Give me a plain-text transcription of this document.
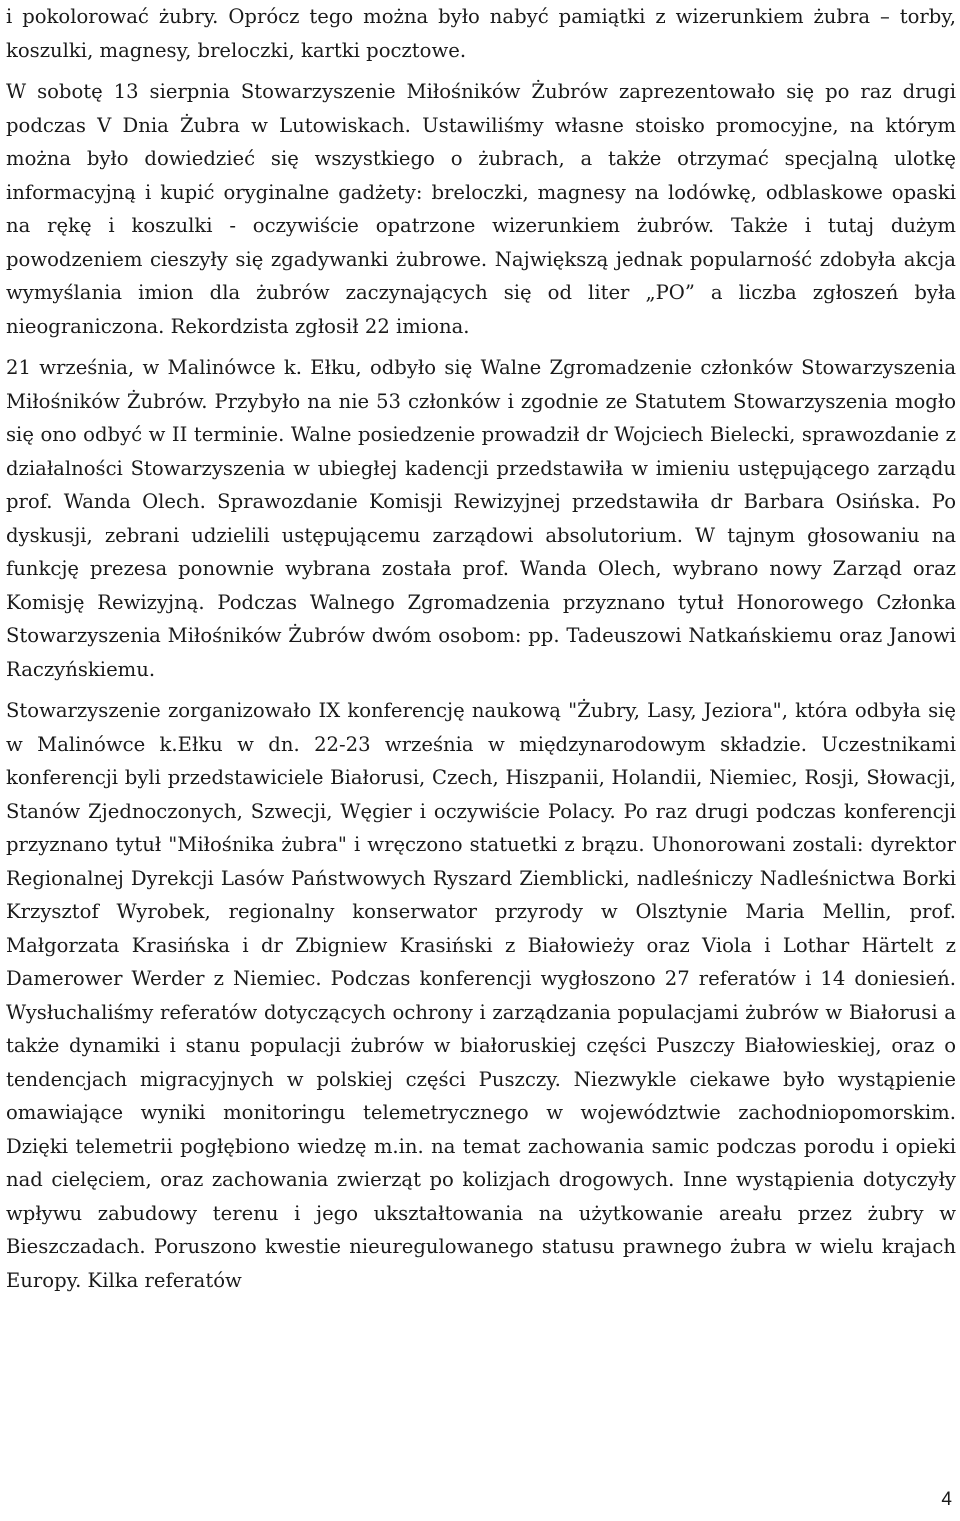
i pokolorować żubry. Oprócz tego można było nabyć pamiątki z wizerunkiem żubra – torby, koszulki, magnesy, breloczki, kartki pocztowe.

W sobotę 13 sierpnia Stowarzyszenie Miłośników Żubrów zaprezentowało się po raz drugi podczas V Dnia Żubra w Lutowiskach. Ustawiliśmy własne stoisko promocyjne, na którym można było dowiedzieć się wszystkiego o żubrach, a także otrzymać specjalną ulotkę informacyjną i kupić oryginalne gadżety: breloczki, magnesy na lodówkę, odblaskowe opaski na rękę i koszulki - oczywiście opatrzone wizerunkiem żubrów. Także i tutaj dużym powodzeniem cieszyły się zgadywanki żubrowe. Największą jednak popularność zdobyła akcja wymyślania imion dla żubrów zaczynających się od liter „PO” a liczba zgłoszeń była nieograniczona. Rekordzista zgłosił 22 imiona.

21 września, w Malinówce k. Ełku, odbyło się Walne Zgromadzenie członków Stowarzyszenia Miłośników Żubrów. Przybyło na nie 53 członków i zgodnie ze Statutem Stowarzyszenia mogło się ono odbyć w II terminie. Walne posiedzenie prowadził dr Wojciech Bielecki, sprawozdanie z działalności Stowarzyszenia w ubiegłej kadencji przedstawiła w imieniu ustępującego zarządu prof. Wanda Olech. Sprawozdanie Komisji Rewizyjnej przedstawiła dr Barbara Osińska. Po dyskusji, zebrani udzielili ustępującemu zarządowi absolutorium. W tajnym głosowaniu na funkcję prezesa ponownie wybrana została prof. Wanda Olech, wybrano nowy Zarząd oraz Komisję Rewizyjną. Podczas Walnego Zgromadzenia przyznano tytuł Honorowego Członka Stowarzyszenia Miłośników Żubrów dwóm osobom: pp. Tadeuszowi Natkańskiemu oraz Janowi Raczyńskiemu.

Stowarzyszenie zorganizowało IX konferencję naukową "Żubry, Lasy, Jeziora", która odbyła się w Malinówce k.Ełku w dn. 22-23 września w międzynarodowym składzie. Uczestnikami konferencji byli przedstawiciele Białorusi, Czech, Hiszpanii, Holandii, Niemiec, Rosji, Słowacji, Stanów Zjednoczonych, Szwecji, Węgier i oczywiście Polacy. Po raz drugi podczas konferencji przyznano tytuł "Miłośnika żubra" i wręczono statuetki z brązu. Uhonorowani zostali: dyrektor Regionalnej Dyrekcji Lasów Państwowych Ryszard Ziemblicki, nadleśniczy Nadleśnictwa Borki Krzysztof Wyrobek, regionalny konserwator przyrody w Olsztynie Maria Mellin, prof. Małgorzata Krasińska i dr Zbigniew Krasiński z Białowieży oraz Viola i Lothar Härtelt z Damerower Werder z Niemiec. Podczas konferencji wygłoszono 27 referatów i 14 doniesień. Wysłuchaliśmy referatów dotyczących ochrony i zarządzania populacjami żubrów w Białorusi a także dynamiki i stanu populacji żubrów w białoruskiej części Puszczy Białowieskiej, oraz o tendencjach migracyjnych w polskiej części Puszczy. Niezwykle ciekawe było wystąpienie omawiające wyniki monitoringu telemetrycznego w województwie zachodniopomorskim. Dzięki telemetrii pogłębiono wiedzę m.in. na temat zachowania samic podczas porodu i opieki nad cielęciem, oraz zachowania zwierząt po kolizjach drogowych. Inne wystąpienia dotyczyły wpływu zabudowy terenu i jego ukształtowania na użytkowanie areału przez żubry w Bieszczadach. Poruszono kwestie nieuregulowanego statusu prawnego żubra w wielu krajach Europy. Kilka referatów

4
